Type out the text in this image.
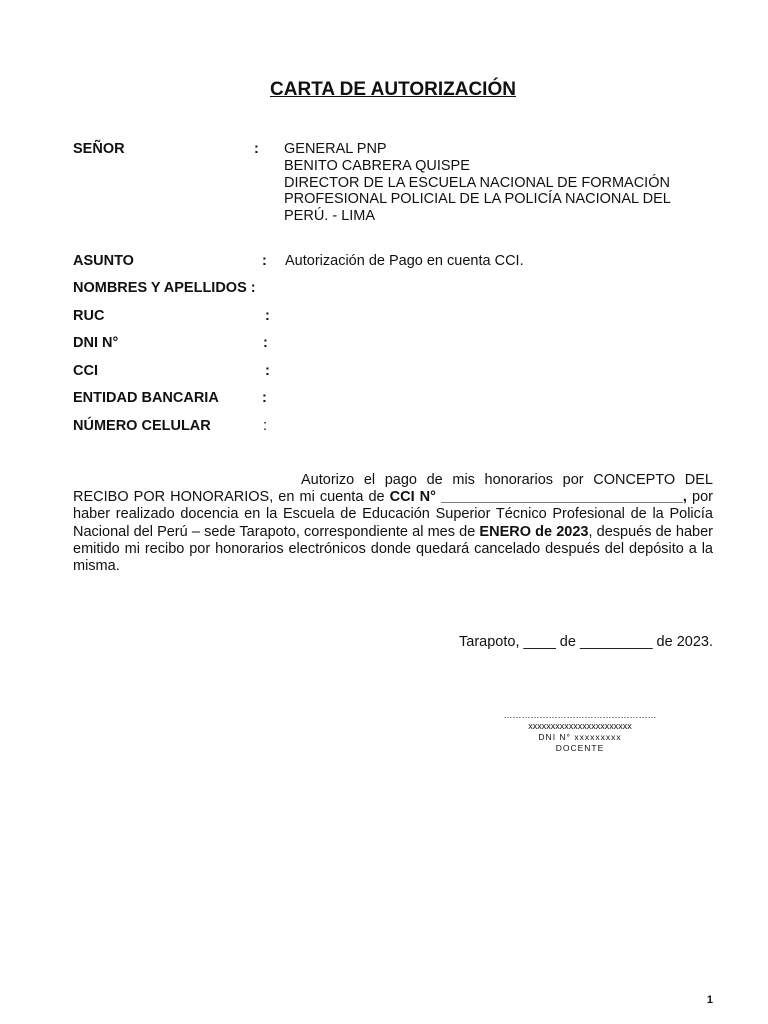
CARTA DE AUTORIZACIÓN
SEÑOR	: GENERAL PNP
BENITO CABRERA QUISPE
DIRECTOR DE LA ESCUELA NACIONAL DE FORMACIÓN
PROFESIONAL POLICIAL DE LA POLICÍA NACIONAL DEL
PERÚ. - LIMA
ASUNTO	: Autorización de Pago en cuenta CCI.
NOMBRES Y APELLIDOS :
RUC	:
DNI N°	:
CCI	:
ENTIDAD BANCARIA	:
NÚMERO CELULAR	:
Autorizo el pago de mis honorarios por CONCEPTO DEL RECIBO POR HONORARIOS, en mi cuenta de CCI N° ______________________________, por haber realizado docencia en la Escuela de Educación Superior Técnico Profesional de la Policía Nacional del Perú – sede Tarapoto, correspondiente al mes de ENERO de 2023, después de haber emitido mi recibo por honorarios electrónicos donde quedará cancelado después del depósito a la misma.
Tarapoto, ____ de _________ de 2023.
……………………………………………
xxxxxxxxxxxxxxxxxxxxxxx
DNI N° xxxxxxxxx
DOCENTE
1
